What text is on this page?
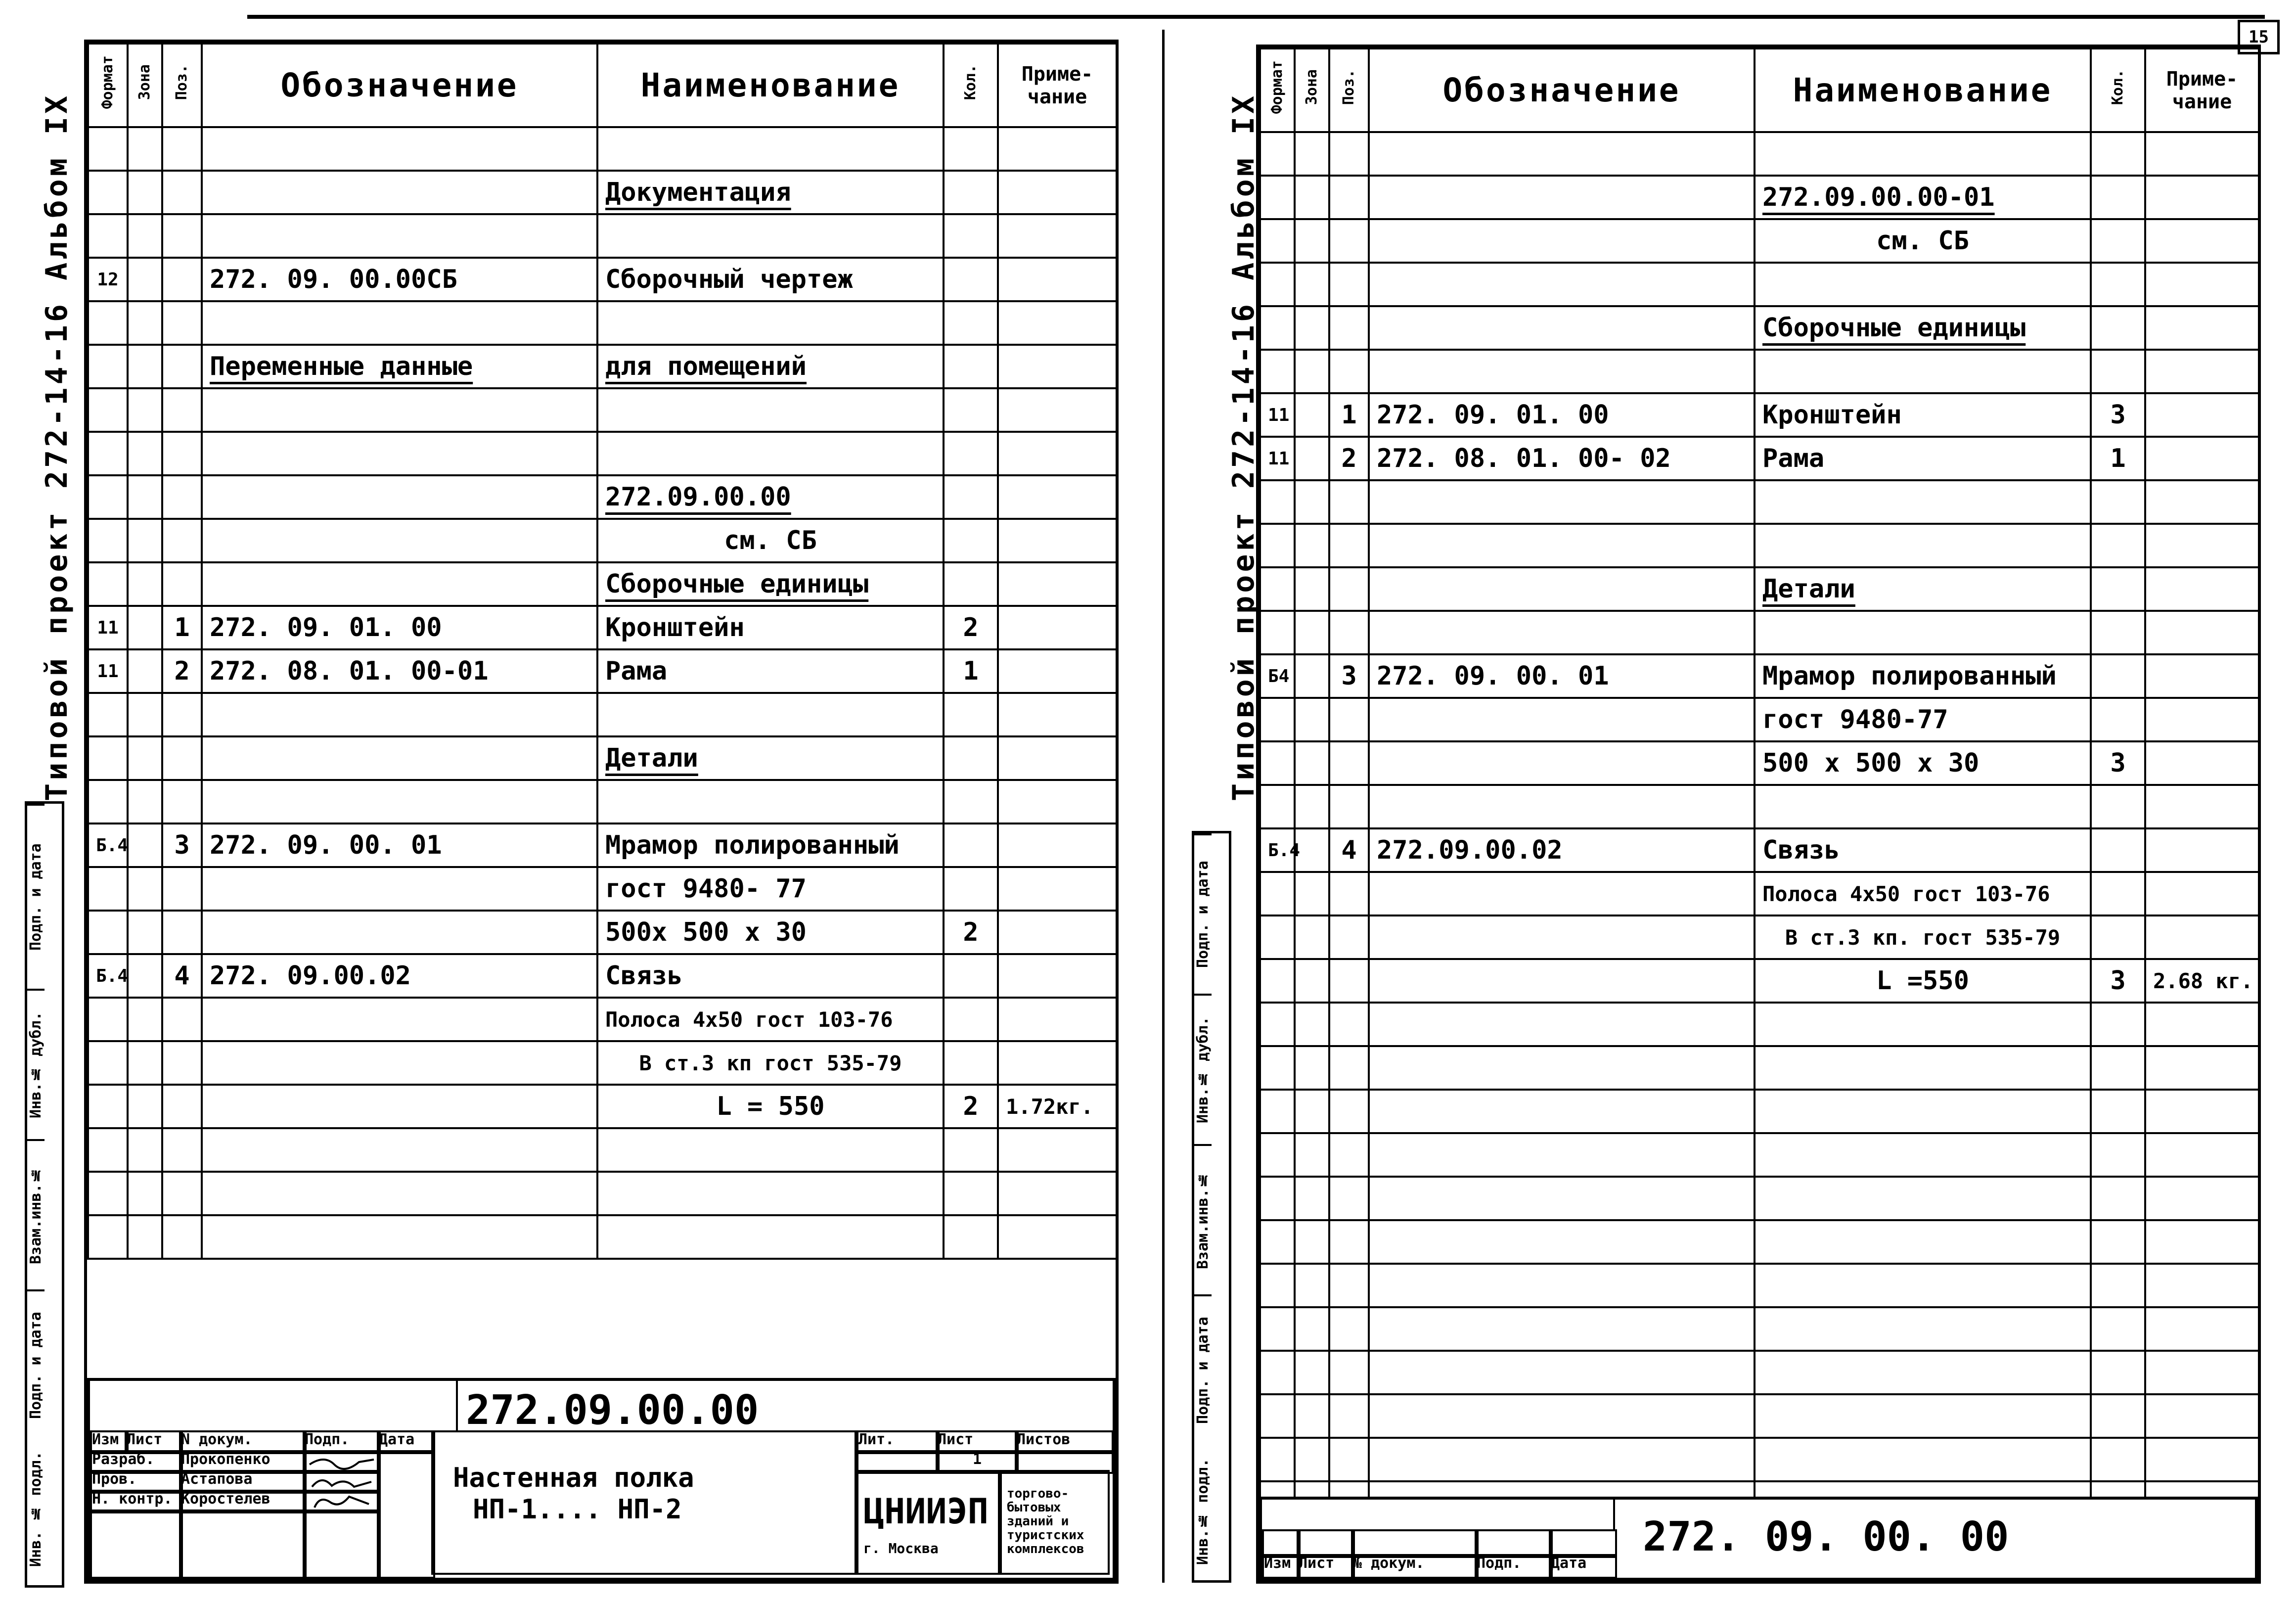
15
Типовой проект 272-14-16 Альбом IX
Подп. и дата
Инв.№ дубл.
Взам.инв.№
Подп. и дата
Инв. № подл.
Формат	Зона	Поз.	Обозначение	Наименование	Кол.	Приме-чание

				Документация		

12			272. 09. 00.00СБ	Сборочный чертеж		

			Переменные данные	для помещений		

				272.09.00.00		
				см. СБ		
				Сборочные единицы		
11		1	272. 09. 01. 00	Кронштейн	2	
11		2	272. 08. 01. 00-01	Рама	1	

				Детали		

Б.4		3	272. 09. 00. 01	Мрамор полированный		
				гост 9480- 77		
				500х 500 х 30	2	
Б.4		4	272. 09.00.02	Связь		
				Полоса 4х50 гост 103-76		
				В ст.3 кп гост 535-79		
				L = 550	2	1.72кг.

272.09.00.00
Изм Лист	N докум.	Подп.	Дата
Разраб.	Прокопенко
Пров.	Астапова
Н. контр. Коростелев
Настенная полка
НП-1.... НП-2
Лит.	Лист	Листов
1
ЦНИИЭП
г. Москва
торгово-бытовых зданий и туристских комплексов
Типовой проект 272-14-16 Альбом IX
Подп. и дата
Инв.№ дубл.
Взам.инв.№
Подп. и дата
Инв.№ подл.
Формат	Зона	Поз.	Обозначение	Наименование	Кол.	Приме-чание

				272.09.00.00-01		
				см. СБ		

				Сборочные единицы		

11		1	272. 09. 01. 00	Кронштейн	3	
11		2	272. 08. 01. 00- 02	Рама	1	

				Детали		

Б4		3	272. 09. 00. 01	Мрамор полированный		
				гост 9480-77		
				500 х 500 х 30	3	

Б.4		4	272.09.00.02	Связь		
				Полоса 4х50 гост 103-76		
				В ст.3 кп. гост 535-79		
				L =550	3	2.68 кг.

Изм Лист	№ докум.	Подп.	Дата
272. 09. 00. 00
